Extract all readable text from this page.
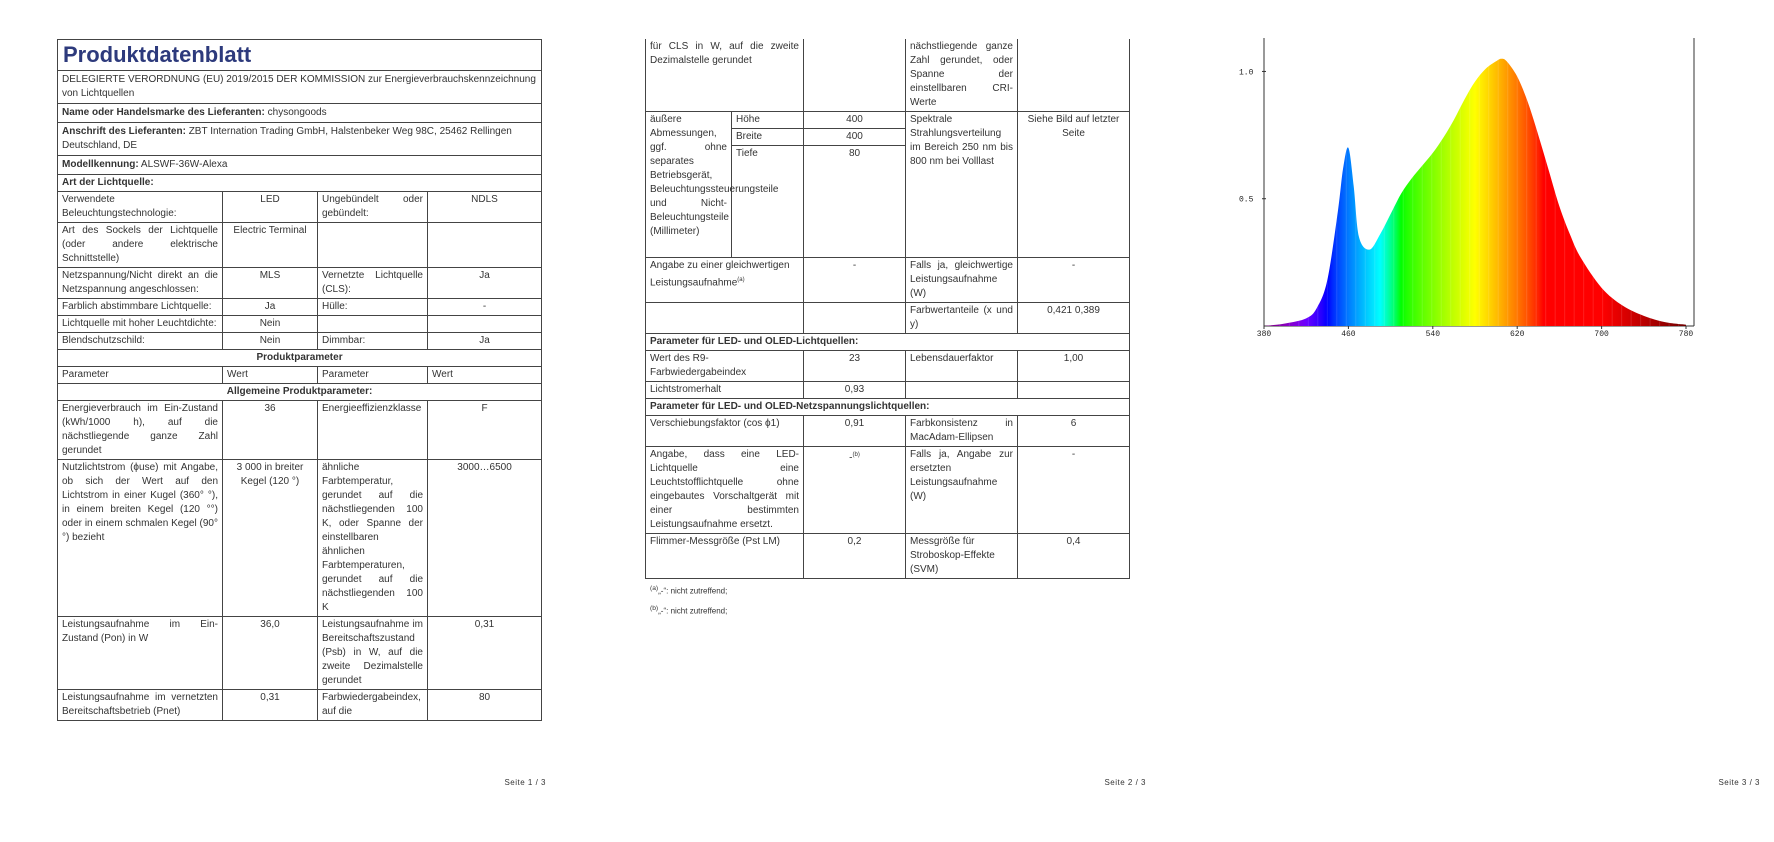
Produktdatenblatt			
DELEGIERTE VERORDNUNG (EU) 2019/2015 DER KOMMISSION zur Energieverbrauchskennzeichnung von Lichtquellen			
Name oder Handelsmarke des Lieferanten: chysongoods			
Anschrift des Lieferanten: ZBT Internation Trading GmbH, Halstenbeker Weg 98C, 25462 Rellingen Deutschland, DE			
Modellkennung: ALSWF-36W-Alexa			
Art der Lichtquelle:			
Verwendete Beleuchtungstechnologie:	LED	Ungebündelt oder gebündelt:	NDLS
Art des Sockels der Lichtquelle (oder andere elektrische Schnittstelle)	Electric Terminal		
Netzspannung/Nicht direkt an die Netzspannung angeschlossen:	MLS	Vernetzte Lichtquelle (CLS):	Ja
Farblich abstimmbare Lichtquelle:	Ja	Hülle:	-
Lichtquelle mit hoher Leuchtdichte:	Nein		
Blendschutzschild:	Nein	Dimmbar:	Ja
Produktparameter			
Parameter	Wert	Parameter	Wert
Allgemeine Produktparameter:			
Energieverbrauch im Ein-Zustand (kWh/1000 h), auf die nächstliegende ganze Zahl gerundet	36	Energieeffizienzklasse	F
Nutzlichtstrom (ϕuse) mit Angabe, ob sich der Wert auf den Lichtstrom in einer Kugel (360° °), in einem breiten Kegel (120 °°) oder in einem schmalen Kegel (90° °) bezieht	3 000 in breiter Kegel (120 °)	ähnliche Farbtemperatur, gerundet auf die nächstliegenden 100 K, oder Spanne der einstellbaren ähnlichen Farbtemperaturen, gerundet auf die nächstliegenden 100 K	3000…6500
Leistungsaufnahme im Ein-Zustand (Pon) in W	36,0	Leistungsaufnahme im Bereitschaftszustand (Psb) in W, auf die zweite Dezimalstelle gerundet	0,31
Leistungsaufnahme im vernetzten Bereitschaftsbetrieb (Pnet)	0,31	Farbwiedergabeindex, auf die	80
Seite 1 / 3
für CLS in W, auf die zweite Dezimalstelle gerundet			nächstliegende ganze Zahl gerundet, oder Spanne der einstellbaren CRI-Werte	
äußere Abmessungen, ggf. ohne separates Betriebsgerät, Beleuchtungssteuerungsteile und Nicht-Beleuchtungsteile (Millimeter)	Höhe	400	Spektrale Strahlungsverteilung im Bereich 250 nm bis 800 nm bei Volllast	Siehe Bild auf letzter Seite
	Breite	400		
	Tiefe	80		
Angabe zu einer gleichwertigen Leistungsaufnahme$^{(a)}$		-	Falls ja, gleichwertige Leistungsaufnahme (W)	-
			Farbwertanteile (x und y)	0,421 0,389
Parameter für LED- und OLED-Lichtquellen:				
Wert des R9-Farbwiedergabeindex		23	Lebensdauerfaktor	1,00
Lichtstromerhalt		0,93		
Parameter für LED- und OLED-Netzspannungslichtquellen:				
Verschiebungsfaktor (cos ϕ1)		0,91	Farbkonsistenz in MacAdam-Ellipsen	6
Angabe, dass eine LED-Lichtquelle eine Leuchtstofflichtquelle ohne eingebautes Vorschaltgerät mit einer bestimmten Leistungsaufnahme ersetzt.		-$^{(b)}$	Falls ja, Angabe zur ersetzten Leistungsaufnahme (W)	-
Flimmer-Messgröße (Pst LM)		0,2	Messgröße für Stroboskop-Effekte (SVM)	0,4
$^{(a)}$„-“: nicht zutreffend;
$^{(b)}$„-“: nicht zutreffend;
Seite 2 / 3
380	460	540	620	700	780
1.0
0.5
Seite 3 / 3
